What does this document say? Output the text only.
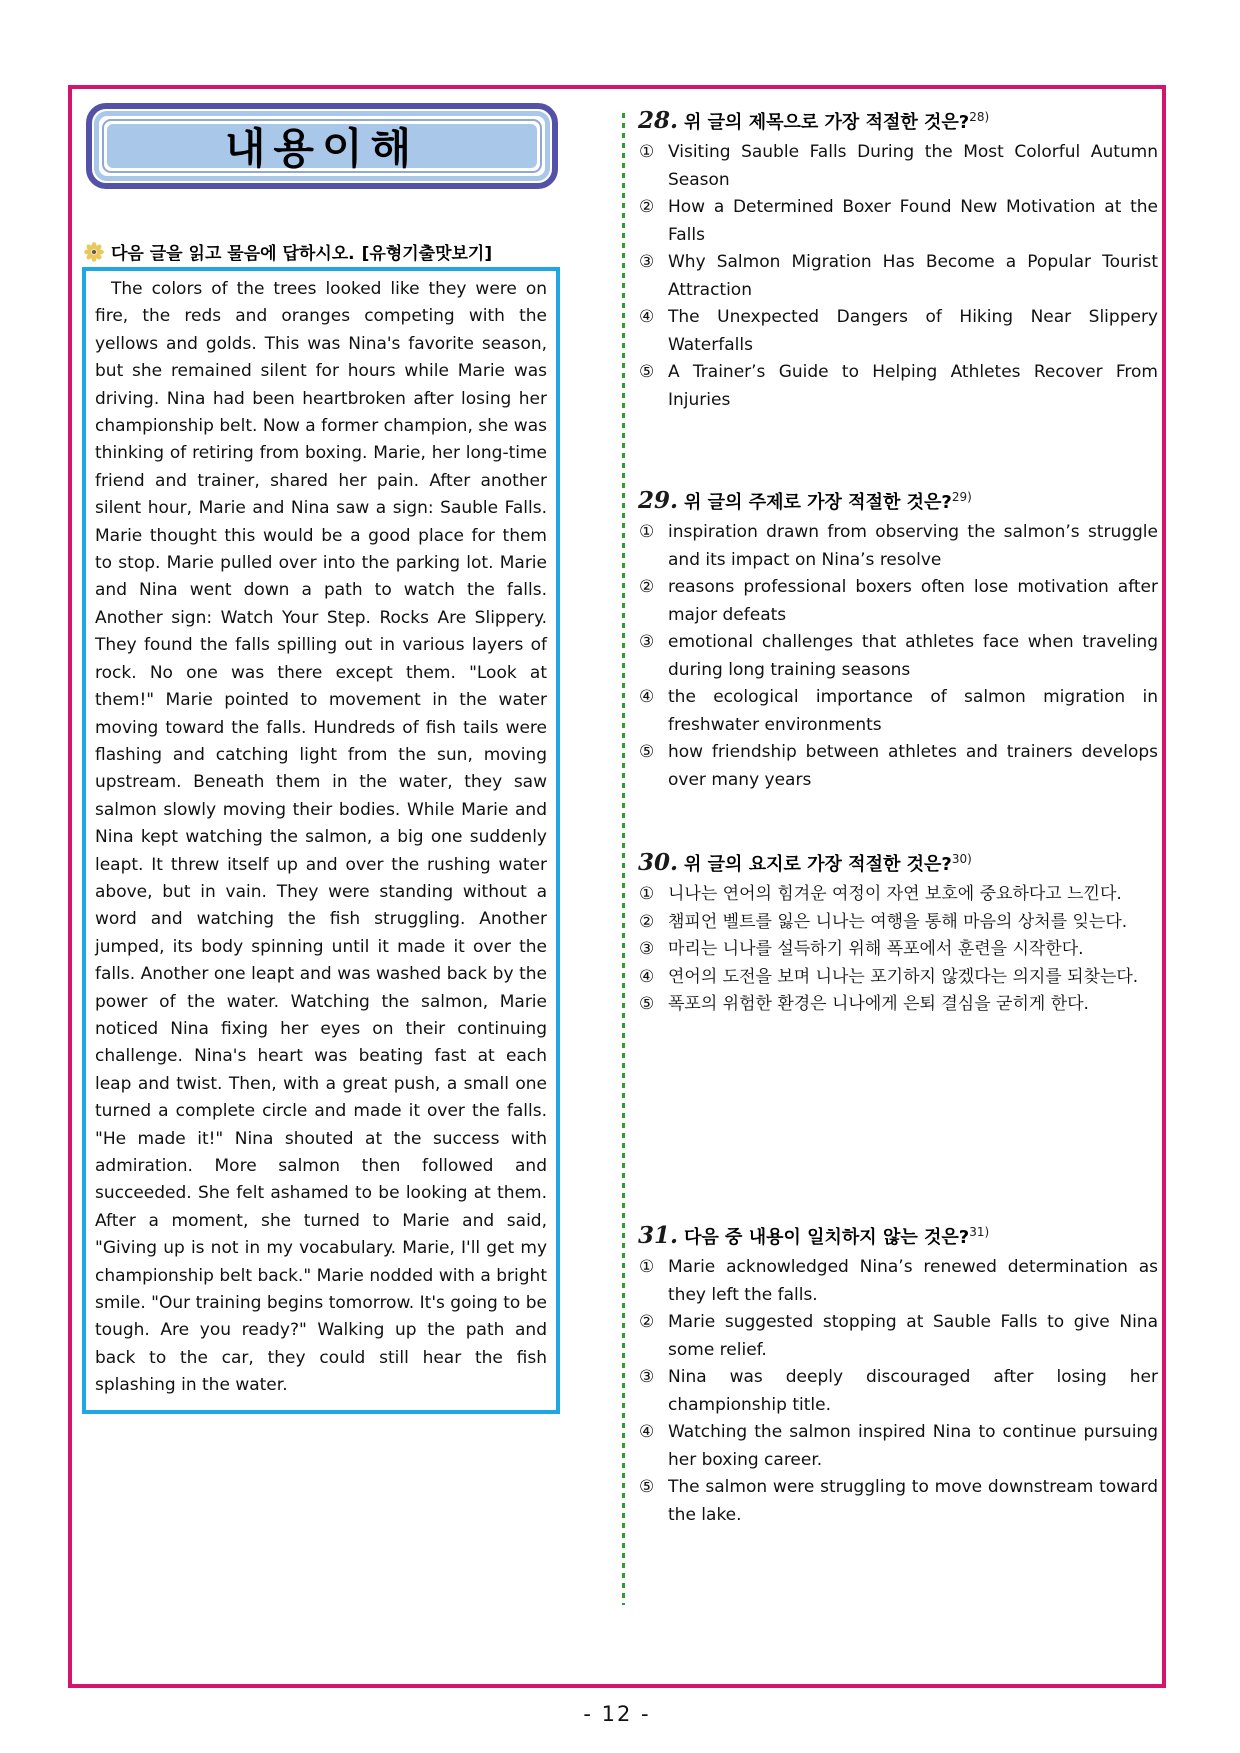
내용이해
다음 글을 읽고 물음에 답하시오. [유형기출맛보기]
The colors of the trees looked like they were on fire, the reds and oranges competing with the yellows and golds. This was Nina's favorite season, but she remained silent for hours while Marie was driving. Nina had been heartbroken after losing her championship belt. Now a former champion, she was thinking of retiring from boxing. Marie, her long-time friend and trainer, shared her pain. After another silent hour, Marie and Nina saw a sign: Sauble Falls. Marie thought this would be a good place for them to stop. Marie pulled over into the parking lot. Marie and Nina went down a path to watch the falls. Another sign: Watch Your Step. Rocks Are Slippery. They found the falls spilling out in various layers of rock. No one was there except them. "Look at them!" Marie pointed to movement in the water moving toward the falls. Hundreds of fish tails were flashing and catching light from the sun, moving upstream. Beneath them in the water, they saw salmon slowly moving their bodies. While Marie and Nina kept watching the salmon, a big one suddenly leapt. It threw itself up and over the rushing water above, but in vain. They were standing without a word and watching the fish struggling. Another jumped, its body spinning until it made it over the falls. Another one leapt and was washed back by the power of the water. Watching the salmon, Marie noticed Nina fixing her eyes on their continuing challenge. Nina's heart was beating fast at each leap and twist. Then, with a great push, a small one turned a complete circle and made it over the falls. "He made it!" Nina shouted at the success with admiration. More salmon then followed and succeeded. She felt ashamed to be looking at them. After a moment, she turned to Marie and said, "Giving up is not in my vocabulary. Marie, I'll get my championship belt back." Marie nodded with a bright smile. "Our training begins tomorrow. It's going to be tough. Are you ready?" Walking up the path and back to the car, they could still hear the fish splashing in the water.
28. 위 글의 제목으로 가장 적절한 것은?$^{28)}$
① Visiting Sauble Falls During the Most Colorful Autumn Season
② How a Determined Boxer Found New Motivation at the Falls
③ Why Salmon Migration Has Become a Popular Tourist Attraction
④ The Unexpected Dangers of Hiking Near Slippery Waterfalls
⑤ A Trainer’s Guide to Helping Athletes Recover From Injuries
29. 위 글의 주제로 가장 적절한 것은?$^{29)}$
① inspiration drawn from observing the salmon’s struggle and its impact on Nina’s resolve
② reasons professional boxers often lose motivation after major defeats
③ emotional challenges that athletes face when traveling during long training seasons
④ the ecological importance of salmon migration in freshwater environments
⑤ how friendship between athletes and trainers develops over many years
30. 위 글의 요지로 가장 적절한 것은?$^{30)}$
① 니나는 연어의 힘겨운 여정이 자연 보호에 중요하다고 느낀다.
② 챔피언 벨트를 잃은 니나는 여행을 통해 마음의 상처를 잊는다.
③ 마리는 니나를 설득하기 위해 폭포에서 훈련을 시작한다.
④ 연어의 도전을 보며 니나는 포기하지 않겠다는 의지를 되찾는다.
⑤ 폭포의 위험한 환경은 니나에게 은퇴 결심을 굳히게 한다.
31. 다음 중 내용이 일치하지 않는 것은?$^{31)}$
① Marie acknowledged Nina’s renewed determination as they left the falls.
② Marie suggested stopping at Sauble Falls to give Nina some relief.
③ Nina was deeply discouraged after losing her championship title.
④ Watching the salmon inspired Nina to continue pursuing her boxing career.
⑤ The salmon were struggling to move downstream toward the lake.
- 12 -
